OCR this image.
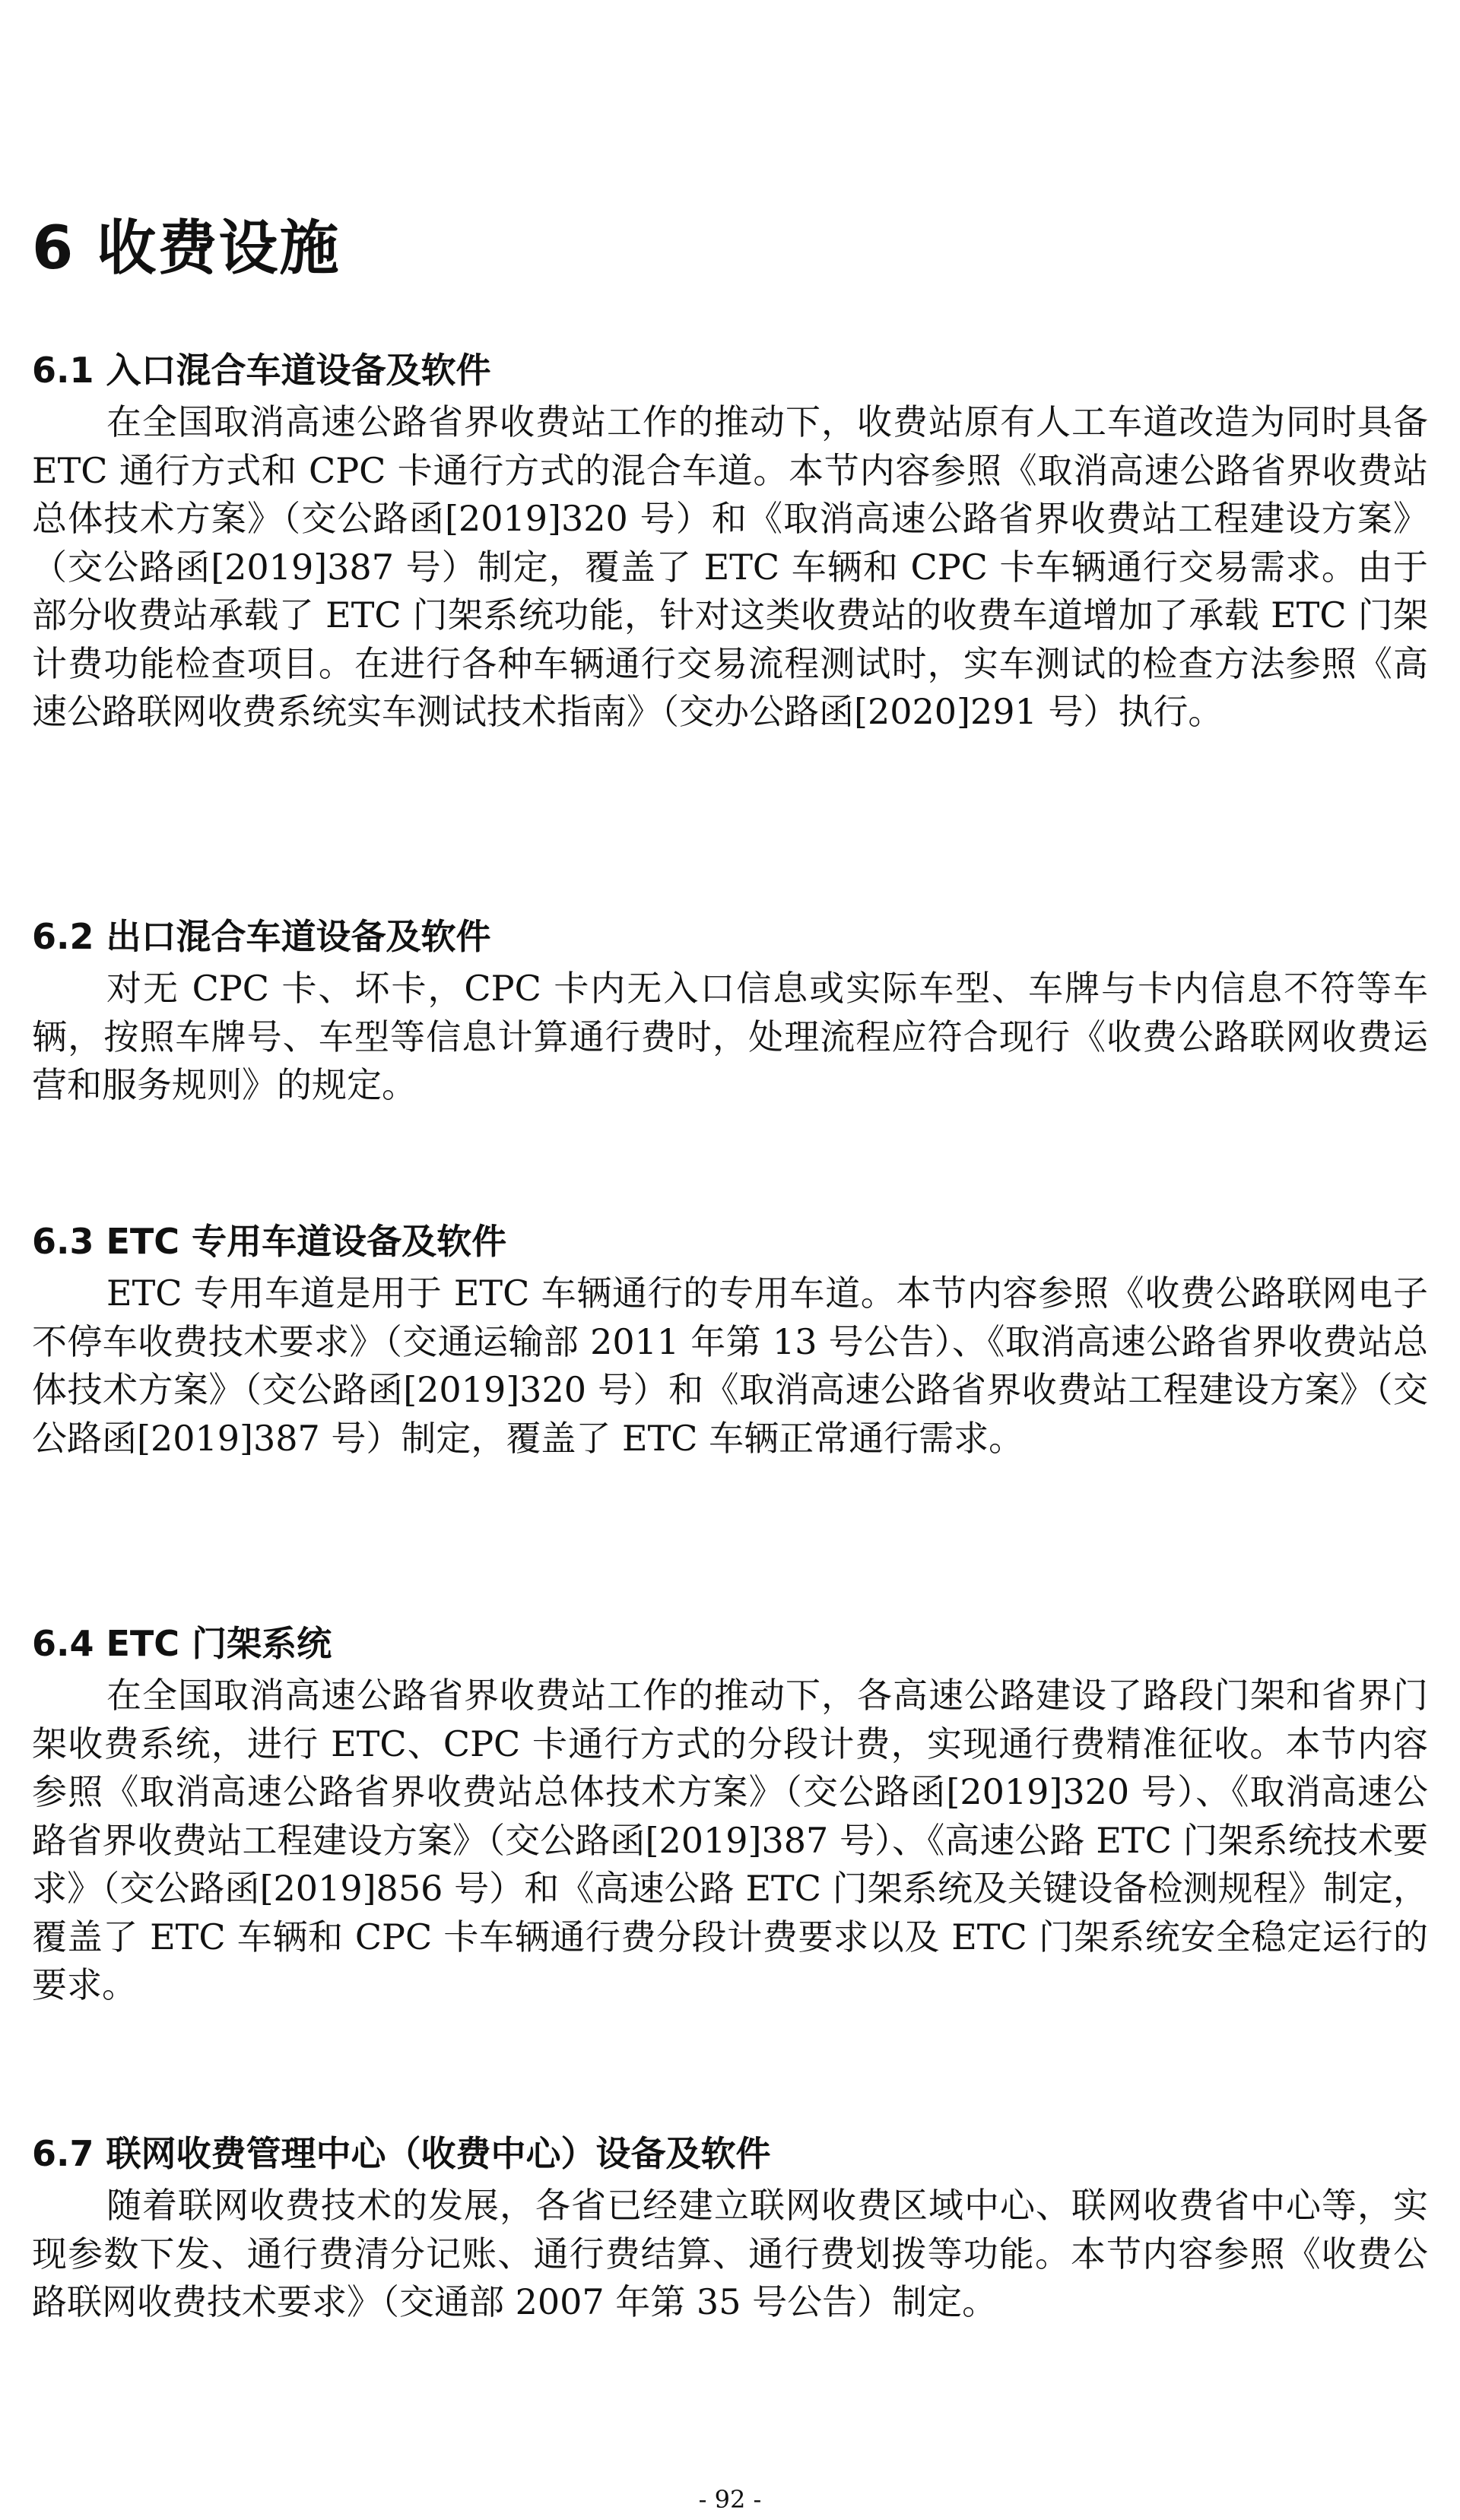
6 收费设施
6.1 入口混合车道设备及软件

在全国取消高速公路省界收费站工作的推动下，收费站原有人工车道改造为同时具备 ETC 通行方式和 CPC 卡通行方式的混合车道。本节内容参照《取消高速公路省界收费站总体技术方案》（交公路函[2019]320 号）和《取消高速公路省界收费站工程建设方案》（交公路函[2019]387 号）制定，覆盖了 ETC 车辆和 CPC 卡车辆通行交易需求。由于部分收费站承载了 ETC 门架系统功能，针对这类收费站的收费车道增加了承载 ETC 门架计费功能检查项目。在进行各种车辆通行交易流程测试时，实车测试的检查方法参照《高速公路联网收费系统实车测试技术指南》（交办公路函[2020]291 号）执行。

6.2 出口混合车道设备及软件

对无 CPC 卡、坏卡，CPC 卡内无入口信息或实际车型、车牌与卡内信息不符等车辆，按照车牌号、车型等信息计算通行费时，处理流程应符合现行《收费公路联网收费运营和服务规则》的规定。

6.3 ETC 专用车道设备及软件

ETC 专用车道是用于 ETC 车辆通行的专用车道。本节内容参照《收费公路联网电子不停车收费技术要求》（交通运输部 2011 年第 13 号公告）、《取消高速公路省界收费站总体技术方案》（交公路函[2019]320 号）和《取消高速公路省界收费站工程建设方案》（交公路函[2019]387 号）制定，覆盖了 ETC 车辆正常通行需求。

6.4 ETC 门架系统

在全国取消高速公路省界收费站工作的推动下，各高速公路建设了路段门架和省界门架收费系统，进行 ETC、CPC 卡通行方式的分段计费，实现通行费精准征收。本节内容参照《取消高速公路省界收费站总体技术方案》（交公路函[2019]320 号）、《取消高速公路省界收费站工程建设方案》（交公路函[2019]387 号）、《高速公路 ETC 门架系统技术要求》（交公路函[2019]856 号）和《高速公路 ETC 门架系统及关键设备检测规程》制定，覆盖了 ETC 车辆和 CPC 卡车辆通行费分段计费要求以及 ETC 门架系统安全稳定运行的要求。

6.7 联网收费管理中心（收费中心）设备及软件

随着联网收费技术的发展，各省已经建立联网收费区域中心、联网收费省中心等，实现参数下发、通行费清分记账、通行费结算、通行费划拨等功能。本节内容参照《收费公路联网收费技术要求》（交通部 2007 年第 35 号公告）制定。

- 92 -
